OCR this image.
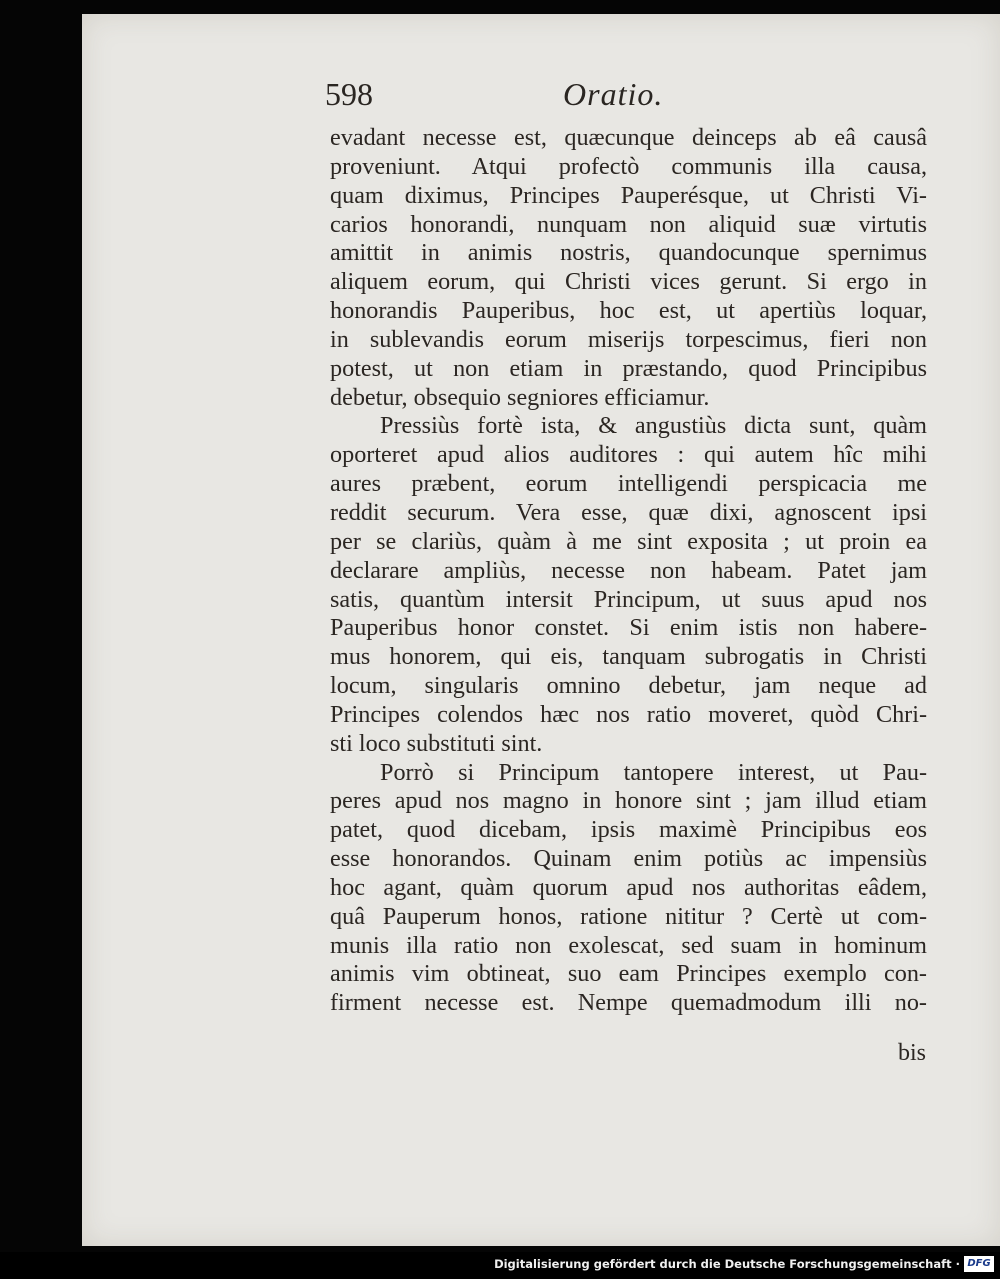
598	Oratio.
evadant necesse est, quæcunque deinceps ab eâ causâ
proveniunt. Atqui profectò communis illa causa,
quam diximus, Principes Pauperésque, ut Christi Vi-
carios honorandi, nunquam non aliquid suæ virtutis
amittit in animis nostris, quandocunque spernimus
aliquem eorum, qui Christi vices gerunt. Si ergo in
honorandis Pauperibus, hoc est, ut apertiùs loquar,
in sublevandis eorum miserijs torpescimus, fieri non
potest, ut non etiam in præstando, quod Principibus
debetur, obsequio segniores efficiamur.
Pressiùs fortè ista, & angustiùs dicta sunt, quàm
oporteret apud alios auditores : qui autem hîc mihi
aures præbent, eorum intelligendi perspicacia me
reddit securum. Vera esse, quæ dixi, agnoscent ipsi
per se clariùs, quàm à me sint exposita ; ut proin ea
declarare ampliùs, necesse non habeam. Patet jam
satis, quantùm intersit Principum, ut suus apud nos
Pauperibus honor constet. Si enim istis non habere-
mus honorem, qui eis, tanquam subrogatis in Christi
locum, singularis omnino debetur, jam neque ad
Principes colendos hæc nos ratio moveret, quòd Chri-
sti loco substituti sint.
Porrò si Principum tantopere interest, ut Pau-
peres apud nos magno in honore sint ; jam illud etiam
patet, quod dicebam, ipsis maximè Principibus eos
esse honorandos. Quinam enim potiùs ac impensiùs
hoc agant, quàm quorum apud nos authoritas eâdem,
quâ Pauperum honos, ratione nititur ? Certè ut com-
munis illa ratio non exolescat, sed suam in hominum
animis vim obtineat, suo eam Principes exemplo con-
firment necesse est. Nempe quemadmodum illi no-
bis
Digitalisierung gefördert durch die Deutsche Forschungsgemeinschaft · DFG
